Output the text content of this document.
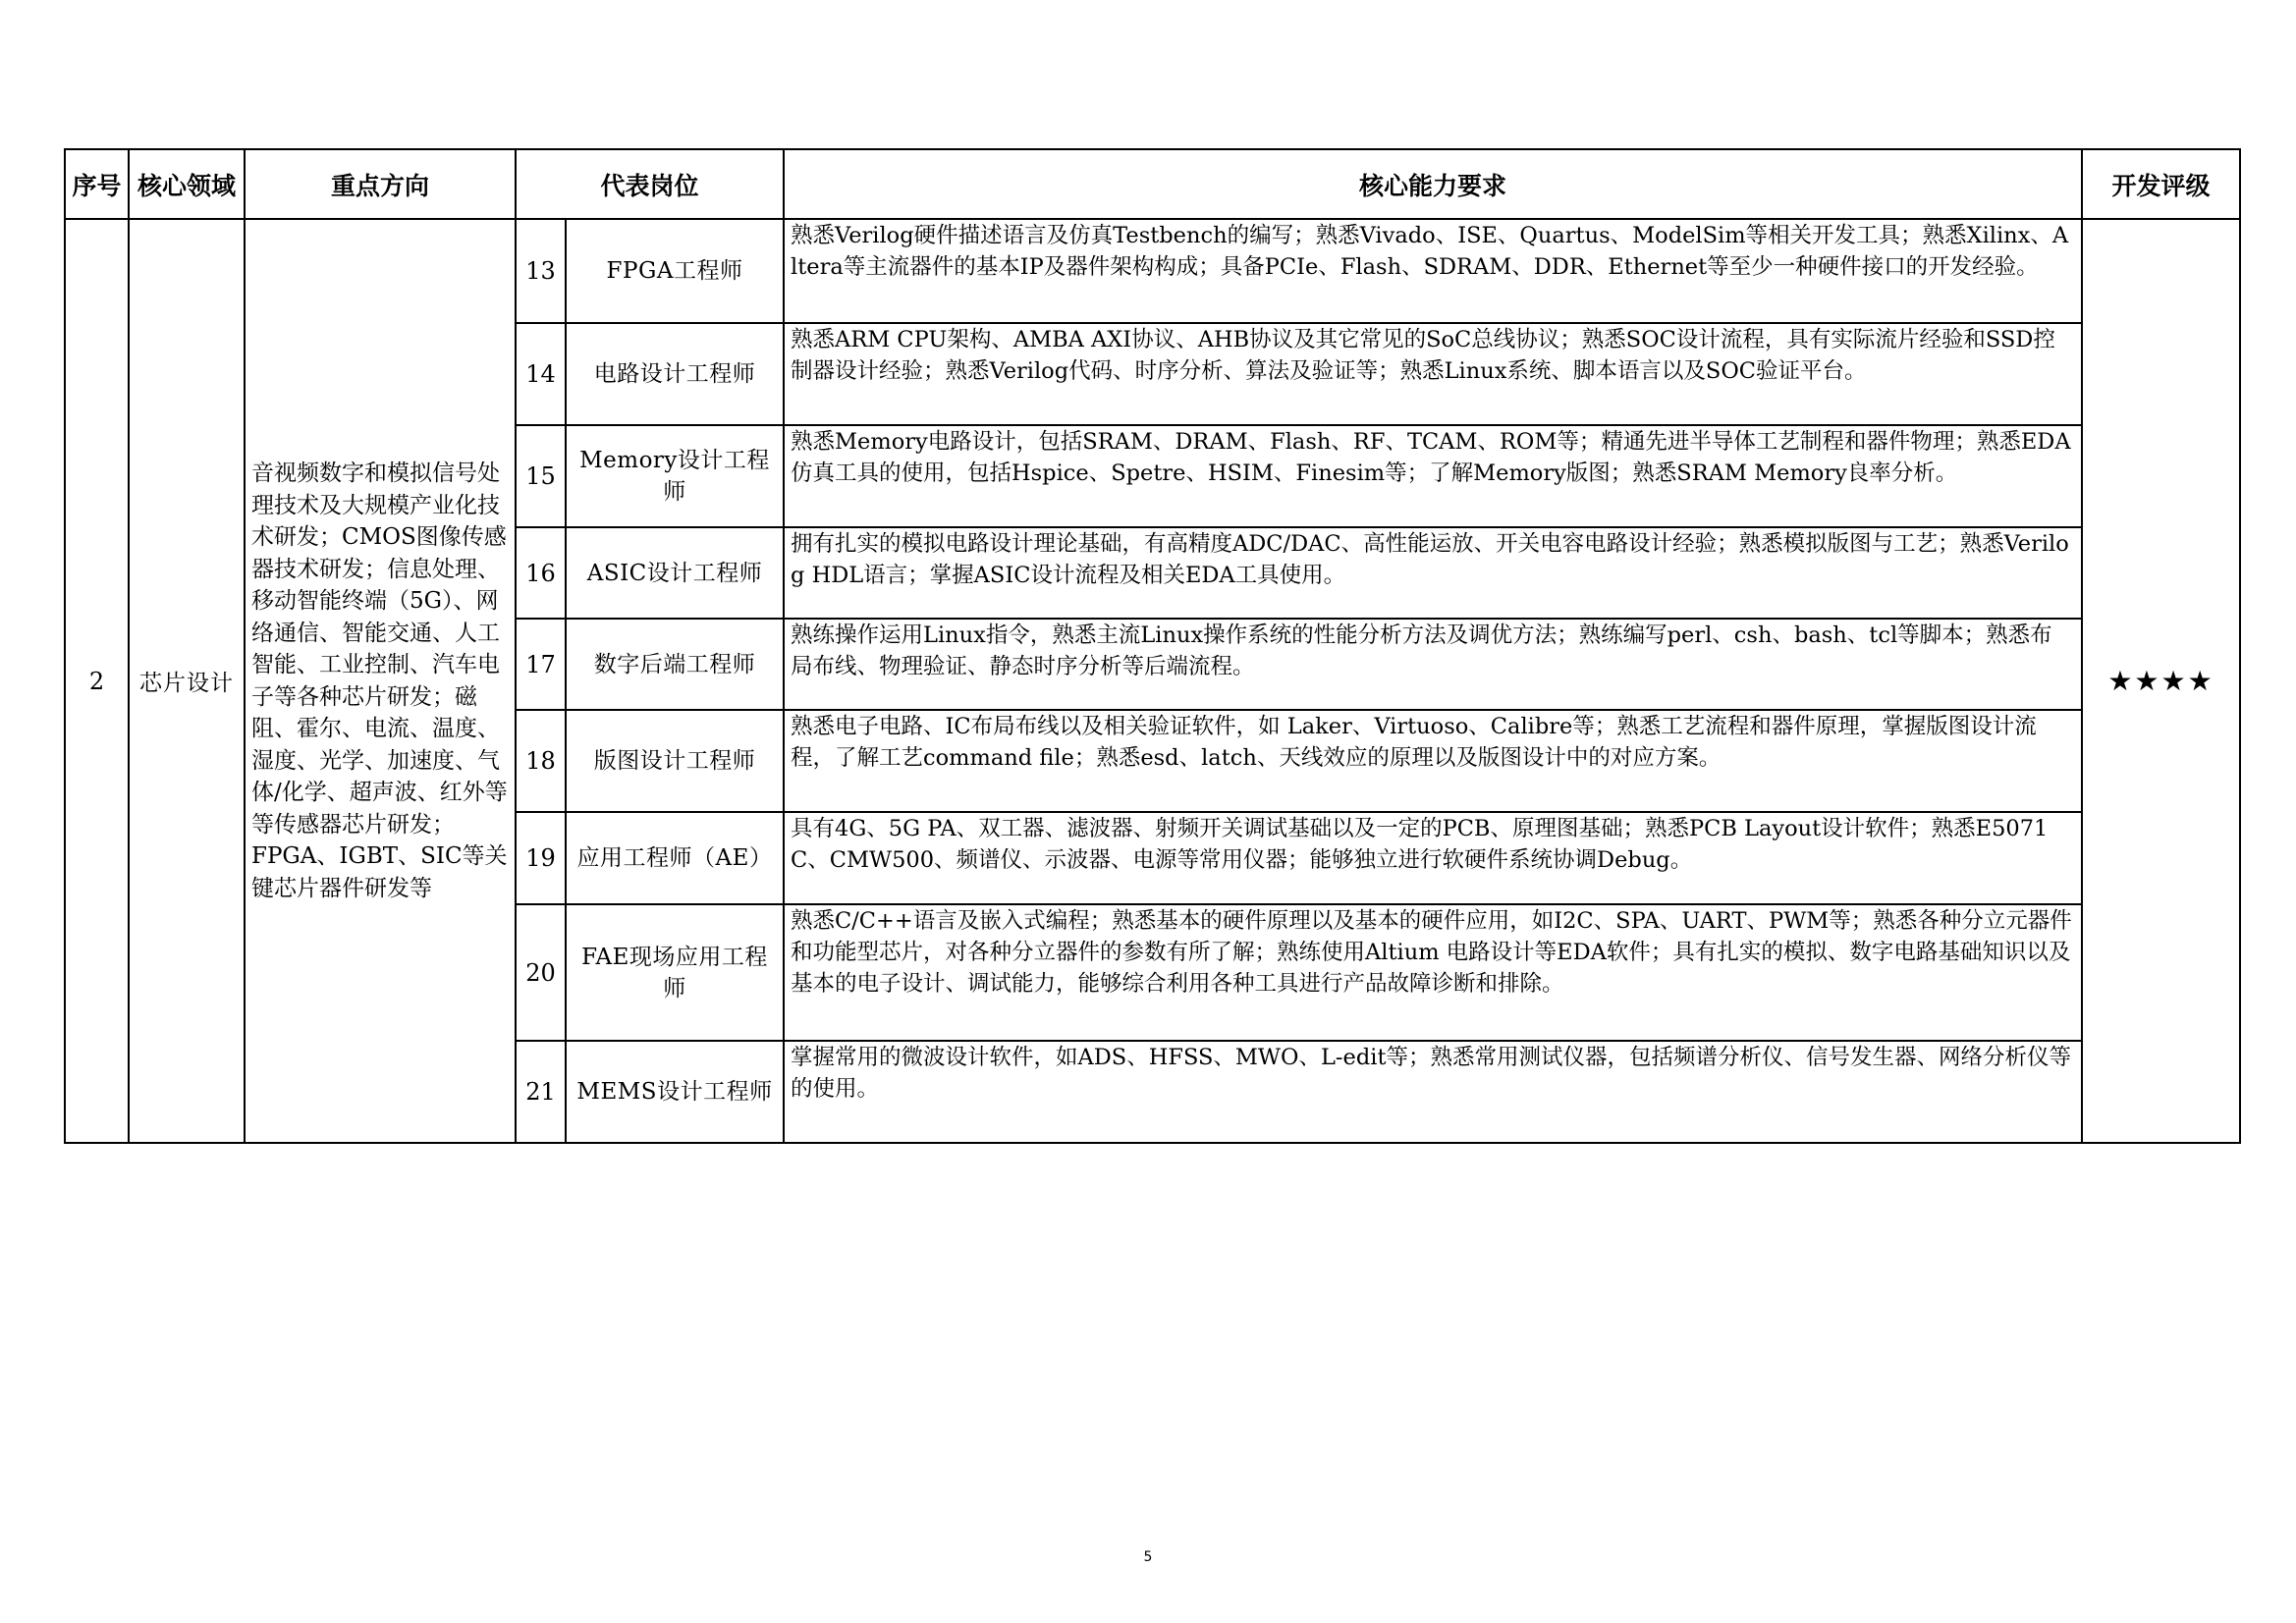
序号	核心领域	重点方向	代表岗位		核心能力要求	开发评级
2	芯片设计	音视频数字和模拟信号处理技术及大规模产业化技术研发；CMOS图像传感器技术研发；信息处理、移动智能终端（5G）、网络通信、智能交通、人工智能、工业控制、汽车电子等各种芯片研发；磁阻、霍尔、电流、温度、湿度、光学、加速度、气体/化学、超声波、红外等等传感器芯片研发；FPGA、IGBT、SIC等关键芯片器件研发等	13	FPGA工程师	熟悉Verilog硬件描述语言及仿真Testbench的编写；熟悉Vivado、ISE、Quartus、ModelSim等相关开发工具；熟悉Xilinx、Altera等主流器件的基本IP及器件架构构成；具备PCIe、Flash、SDRAM、DDR、Ethernet等至少一种硬件接口的开发经验。	★★★★
			14	电路设计工程师	熟悉ARM CPU架构、AMBA AXI协议、AHB协议及其它常见的SoC总线协议；熟悉SOC设计流程，具有实际流片经验和SSD控制器设计经验；熟悉Verilog代码、时序分析、算法及验证等；熟悉Linux系统、脚本语言以及SOC验证平台。	

			15	Memory设计工程师	熟悉Memory电路设计，包括SRAM、DRAM、Flash、RF、TCAM、ROM等；精通先进半导体工艺制程和器件物理；熟悉EDA仿真工具的使用，包括Hspice、Spetre、HSIM、Finesim等；了解Memory版图；熟悉SRAM Memory良率分析。	

			16	ASIC设计工程师	拥有扎实的模拟电路设计理论基础，有高精度ADC/DAC、高性能运放、开关电容电路设计经验；熟悉模拟版图与工艺；熟悉Verilog HDL语言；掌握ASIC设计流程及相关EDA工具使用。	

			17	数字后端工程师	熟练操作运用Linux指令，熟悉主流Linux操作系统的性能分析方法及调优方法；熟练编写perl、csh、bash、tcl等脚本；熟悉布局布线、物理验证、静态时序分析等后端流程。	

			18	版图设计工程师	熟悉电子电路、IC布局布线以及相关验证软件，如 Laker、Virtuoso、Calibre等；熟悉工艺流程和器件原理，掌握版图设计流程，了解工艺command file；熟悉esd、latch、天线效应的原理以及版图设计中的对应方案。	

			19	应用工程师（AE）	具有4G、5G PA、双工器、滤波器、射频开关调试基础以及一定的PCB、原理图基础；熟悉PCB Layout设计软件；熟悉E5071C、CMW500、频谱仪、示波器、电源等常用仪器；能够独立进行软硬件系统协调Debug。	

			20	FAE现场应用工程师	熟悉C/C++语言及嵌入式编程；熟悉基本的硬件原理以及基本的硬件应用，如I2C、SPA、UART、PWM等；熟悉各种分立元器件和功能型芯片，对各种分立器件的参数有所了解；熟练使用Altium 电路设计等EDA软件；具有扎实的模拟、数字电路基础知识以及基本的电子设计、调试能力，能够综合利用各种工具进行产品故障诊断和排除。	

			21	MEMS设计工程师	掌握常用的微波设计软件，如ADS、HFSS、MWO、L-edit等；熟悉常用测试仪器，包括频谱分析仪、信号发生器、网络分析仪等的使用。	
5
